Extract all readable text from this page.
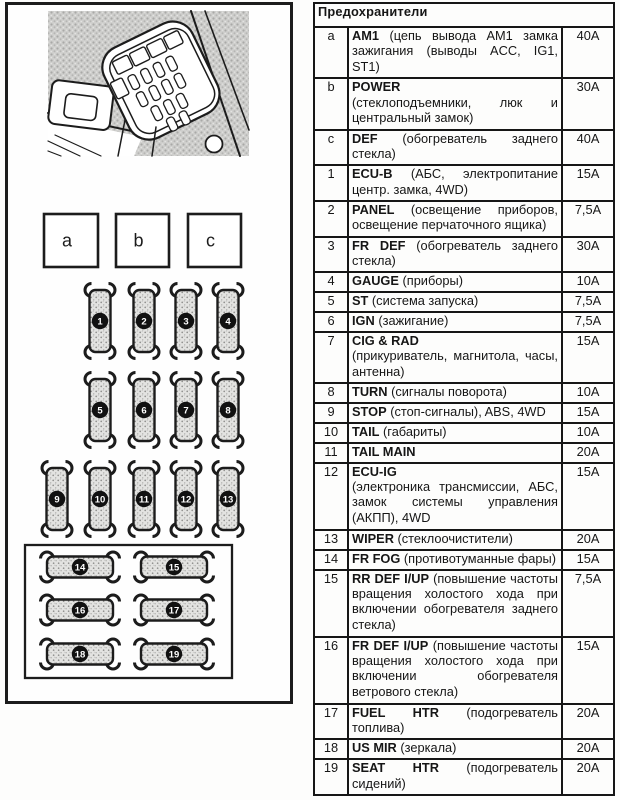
a	b	c
1	2	3	4
5	6	7	8
9	10	11	12	13
14	15
16	17
18	19
Предохранители		
a	AM1 (цепь вывода AM1 замка зажигания (выводы ACC, IG1, ST1)	40A
b	POWER
(стеклоподъемники, люк и центральный замок)	30A
c	DEF (обогреватель заднего стекла)	40A
1	ECU-B (АБС, электропитание центр. замка, 4WD)	15A
2	PANEL (освещение приборов, освещение перчаточного ящика)	7,5A
3	FR DEF (обогреватель заднего стекла)	30A
4	GAUGE (приборы)	10A
5	ST (система запуска)	7,5A
6	IGN (зажигание)	7,5A
7	CIG & RAD
(прикуриватель, магнитола, часы, антенна)	15A
8	TURN (сигналы поворота)	10A
9	STOP (стоп-сигналы), ABS, 4WD	15A
10	TAIL (габариты)	10A
11	TAIL MAIN	20A
12	ECU-IG
(электроника трансмиссии, АБС, замок системы управления (АКПП), 4WD	15A
13	WIPER (стеклоочистители)	20A
14	FR FOG (противотуманные фары)	15A
15	RR DEF I/UP (повышение частоты вращения холостого хода при включении обогревателя заднего стекла)	7,5A
16	FR DEF I/UP (повышение частоты вращения холостого хода при включении обогревателя ветрового стекла)	15A
17	FUEL HTR (подогреватель топлива)	20A
18	US MIR (зеркала)	20A
19	SEAT HTR (подогреватель сидений)	20A
